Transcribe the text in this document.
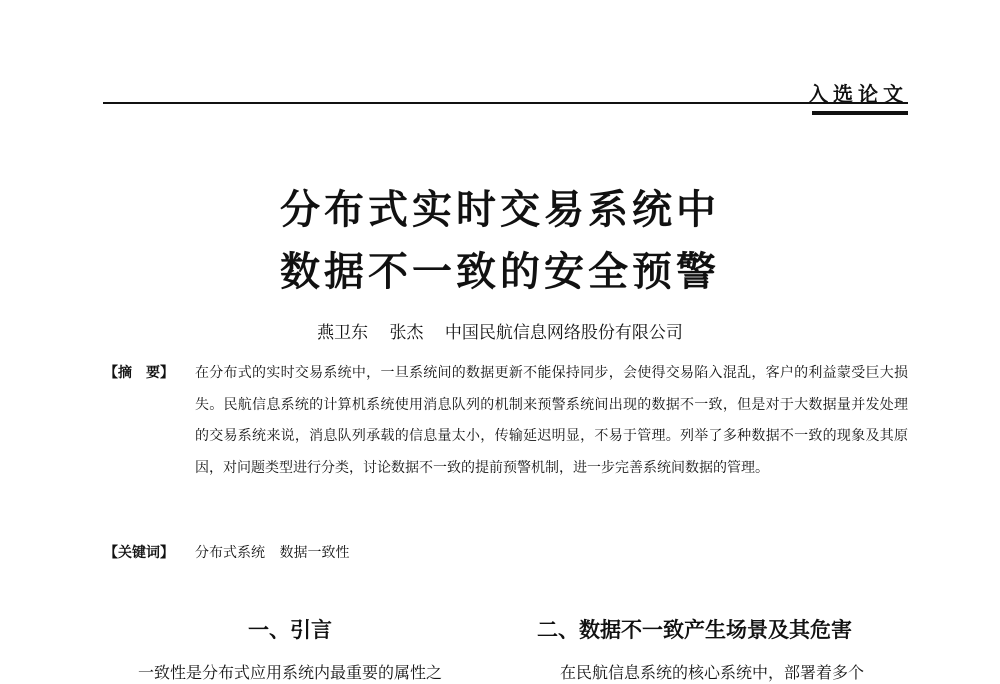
入选论文
分布式实时交易系统中
数据不一致的安全预警
燕卫东 张杰 中国民航信息网络股份有限公司
【摘　要】 在分布式的实时交易系统中，一旦系统间的数据更新不能保持同步，会使得交易陷入混乱，客户的利益蒙受巨大损失。民航信息系统的计算机系统使用消息队列的机制来预警系统间出现的数据不一致，但是对于大数据量并发处理的交易系统来说，消息队列承载的信息量太小，传输延迟明显，不易于管理。列举了多种数据不一致的现象及其原因，对问题类型进行分类，讨论数据不一致的提前预警机制，进一步完善系统间数据的管理。

【关键词】 分布式系统 数据一致性
一、引言	二、数据不一致产生场景及其危害
一致性是分布式应用系统内最重要的属性之	在民航信息系统的核心系统中，部署着多个
